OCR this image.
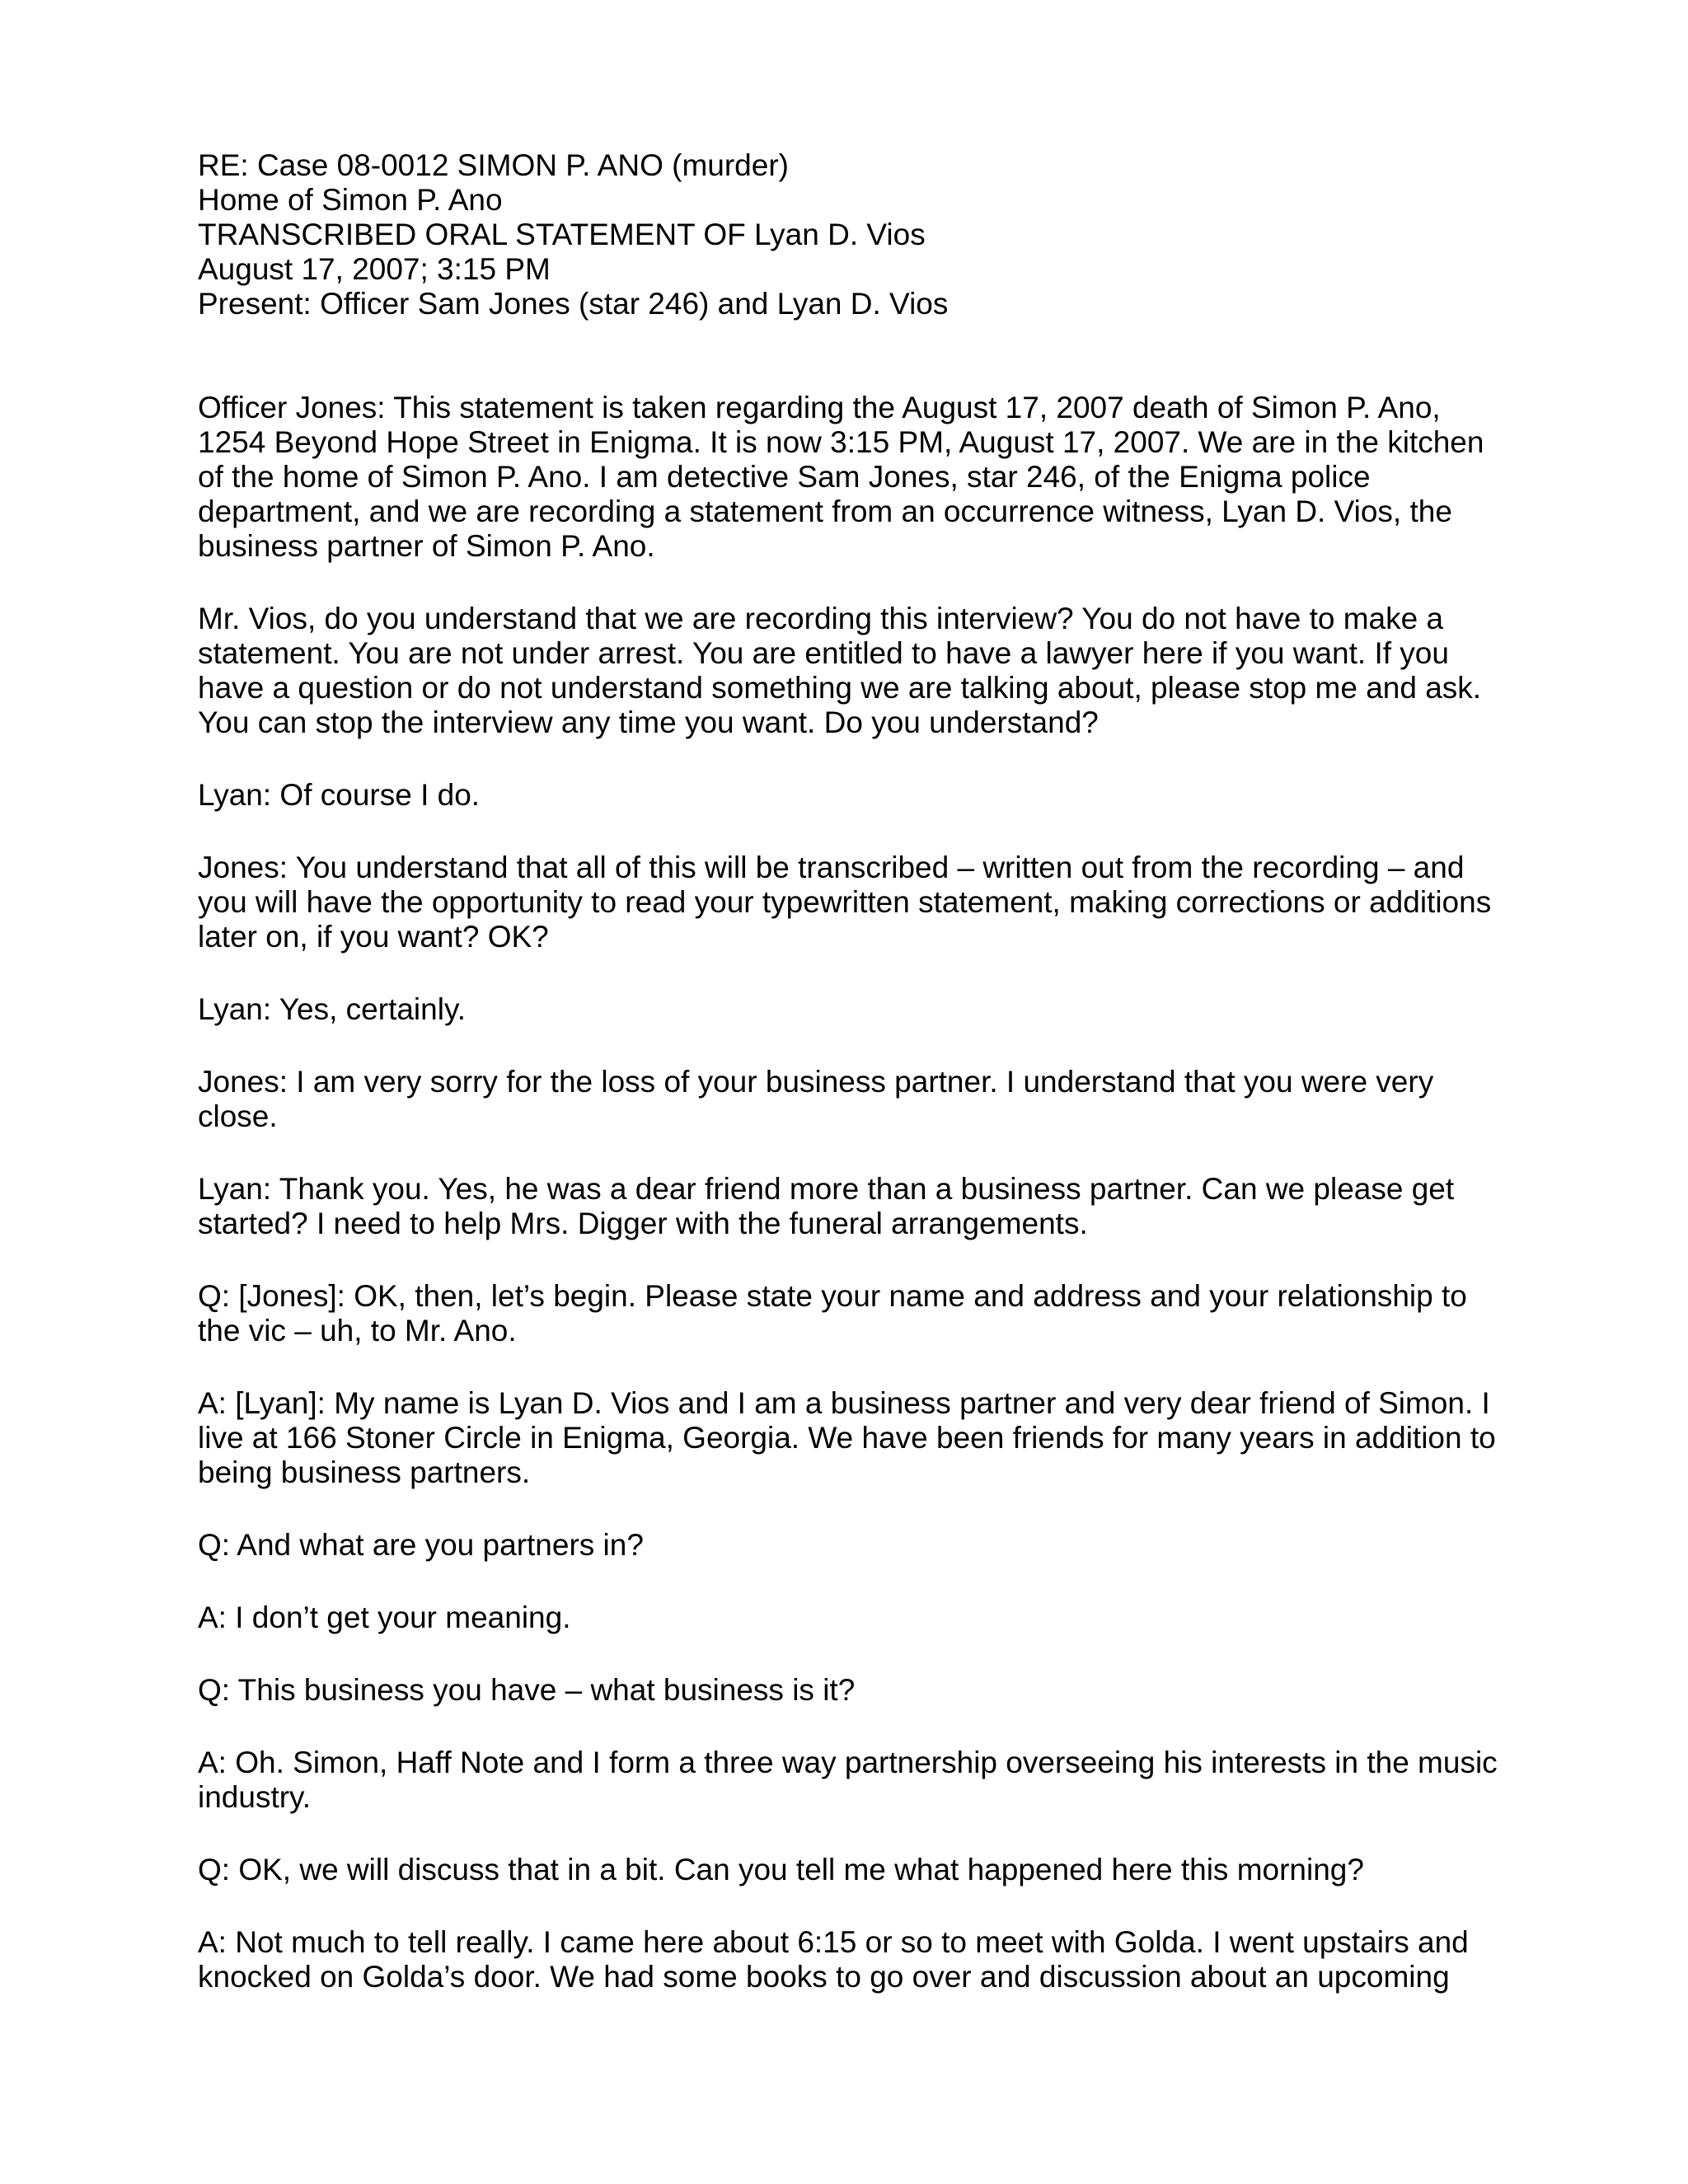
RE: Case 08-0012 SIMON P. ANO (murder)
Home of Simon P. Ano
TRANSCRIBED ORAL STATEMENT OF Lyan D. Vios
August 17, 2007; 3:15 PM
Present: Officer Sam Jones (star 246) and Lyan D. Vios

Officer Jones: This statement is taken regarding the August 17, 2007 death of Simon P. Ano, 1254 Beyond Hope Street in Enigma. It is now 3:15 PM, August 17, 2007. We are in the kitchen of the home of Simon P. Ano. I am detective Sam Jones, star 246, of the Enigma police department, and we are recording a statement from an occurrence witness, Lyan D. Vios, the business partner of Simon P. Ano.

Mr. Vios, do you understand that we are recording this interview? You do not have to make a statement. You are not under arrest. You are entitled to have a lawyer here if you want. If you have a question or do not understand something we are talking about, please stop me and ask. You can stop the interview any time you want. Do you understand?

Lyan: Of course I do.

Jones: You understand that all of this will be transcribed – written out from the recording – and you will have the opportunity to read your typewritten statement, making corrections or additions later on, if you want? OK?

Lyan: Yes, certainly.

Jones: I am very sorry for the loss of your business partner. I understand that you were very close.

Lyan: Thank you. Yes, he was a dear friend more than a business partner. Can we please get started? I need to help Mrs. Digger with the funeral arrangements.

Q: [Jones]: OK, then, let’s begin. Please state your name and address and your relationship to the vic – uh, to Mr. Ano.

A: [Lyan]: My name is Lyan D. Vios and I am a business partner and very dear friend of Simon. I live at 166 Stoner Circle in Enigma, Georgia. We have been friends for many years in addition to being business partners.

Q: And what are you partners in?

A: I don’t get your meaning.

Q: This business you have – what business is it?

A: Oh. Simon, Haff Note and I form a three way partnership overseeing his interests in the music industry.

Q: OK, we will discuss that in a bit. Can you tell me what happened here this morning?

A: Not much to tell really. I came here about 6:15 or so to meet with Golda. I went upstairs and knocked on Golda’s door. We had some books to go over and discussion about an upcoming
